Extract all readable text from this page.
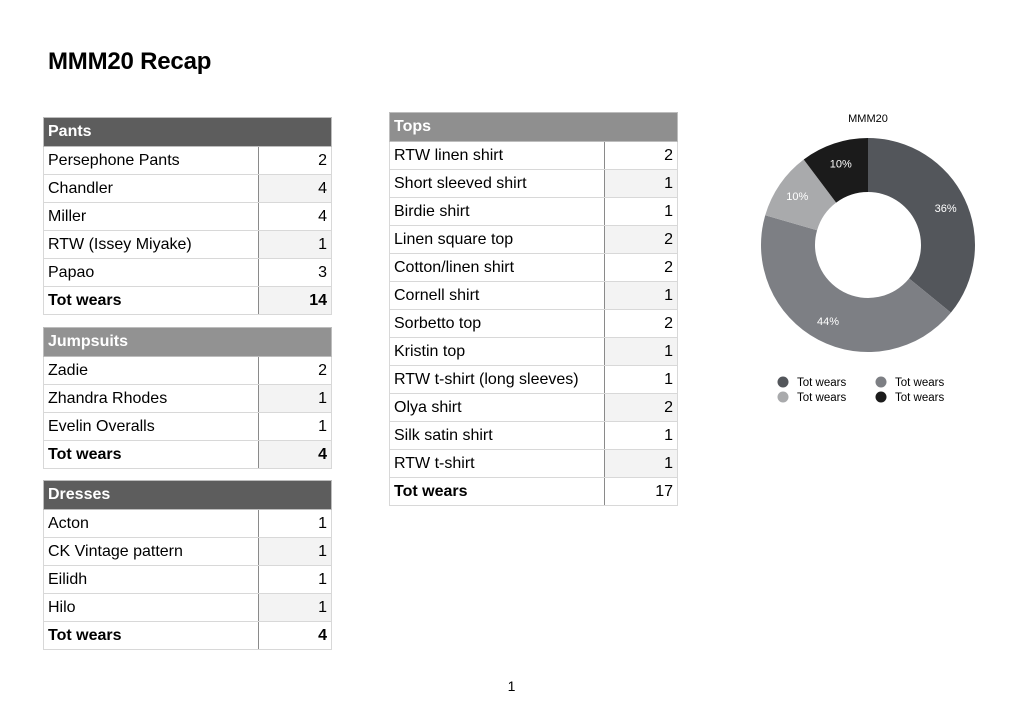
MMM20 Recap
Pants	
Persephone Pants	2
Chandler	4
Miller	4
RTW (Issey Miyake)	1
Papao	3
Tot wears	14
Jumpsuits	
Zadie	2
Zhandra Rhodes	1
Evelin Overalls	1
Tot wears	4
Dresses	
Acton	1
CK Vintage pattern	1
Eilidh	1
Hilo	1
Tot wears	4
Tops	
RTW linen shirt	2
Short sleeved shirt	1
Birdie shirt	1
Linen square top	2
Cotton/linen shirt	2
Cornell shirt	1
Sorbetto top	2
Kristin top	1
RTW t-shirt (long sleeves)	1
Olya shirt	2
Silk satin shirt	1
RTW t-shirt	1
Tot wears	17
MMM20
36%
44%
10%
10%
Tot wears	Tot wears
Tot wears	Tot wears
1
